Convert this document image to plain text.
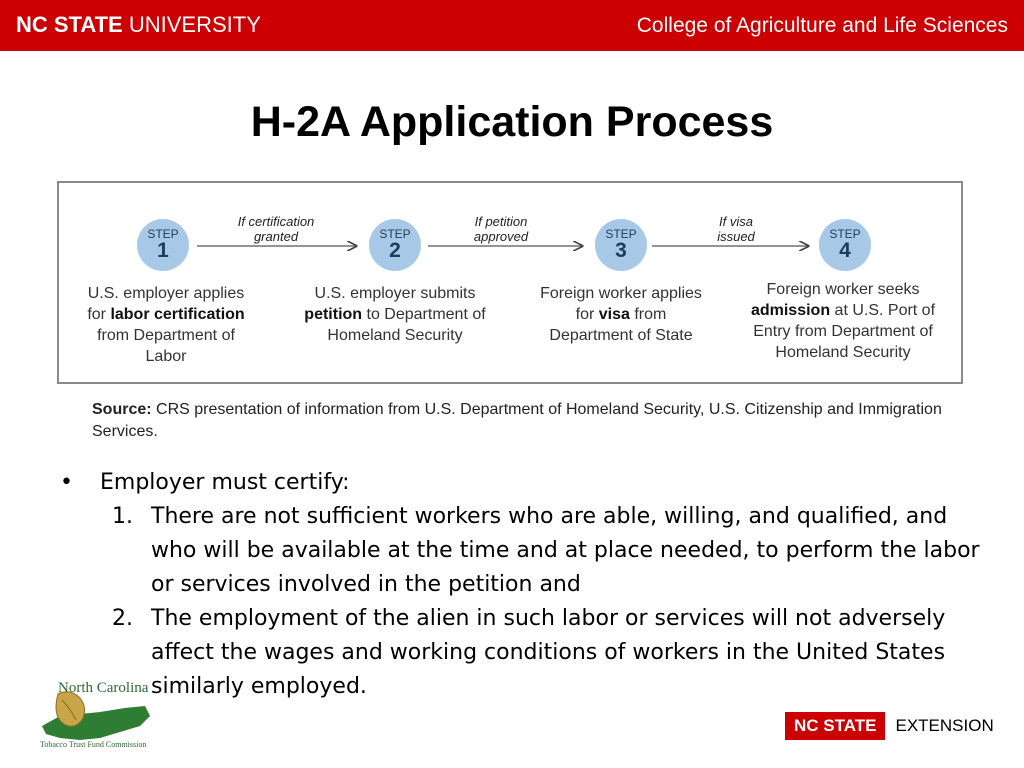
NC STATE UNIVERSITY	College of Agriculture and Life Sciences
H-2A Application Process
If certification
granted
If petition
approved
If visa
issued
STEP
1
STEP
2
STEP
3
STEP
4
U.S. employer applies for labor certification from Department of Labor
U.S. employer submits petition to Department of Homeland Security
Foreign worker applies for visa from Department of State
Foreign worker seeks admission at U.S. Port of Entry from Department of Homeland Security
Source: CRS presentation of information from U.S. Department of Homeland Security, U.S. Citizenship and Immigration Services.
• Employer must certify:
1. There are not sufficient workers who are able, willing, and qualified, and who will be available at the time and at place needed, to perform the labor or services involved in the petition and
2. The employment of the alien in such labor or services will not adversely affect the wages and working conditions of workers in the United States similarly employed.
North Carolina
Tobacco Trust Fund Commission
NC STATE	EXTENSION
